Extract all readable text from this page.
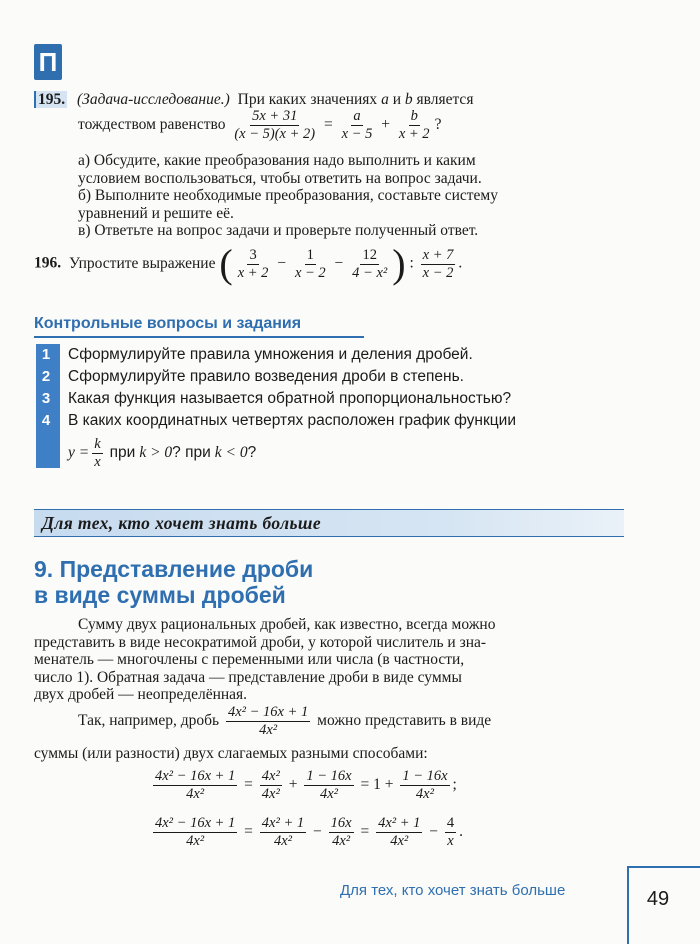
П
195. (Задача-исследование.) При каких значениях a и b является
тождеством равенство $\frac{5x + 31}{(x - 5)(x + 2)} = \frac{a}{x - 5} + \frac{b}{x + 2}$ ?
а) Обсудите, какие преобразования надо выполнить и каким
условием воспользоваться, чтобы ответить на вопрос задачи.
б) Выполните необходимые преобразования, составьте систему
уравнений и решите её.
в) Ответьте на вопрос задачи и проверьте полученный ответ.
196. Упростите выражение ( $\frac{3}{x + 2} - \frac{1}{x - 2} - \frac{12}{\text{4 − x²}}$ ) : $\frac{x + 7}{x - 2}$ .
Контрольные вопросы и задания
1 Сформулируйте правила умножения и деления дробей.
2 Сформулируйте правило возведения дроби в степень.
3 Какая функция называется обратной пропорциональностью?
4 В каких координатных четвертях расположен график функции
$y = \frac{k}{x}$ при k > 0? при k < 0?
Для тех, кто хочет знать больше
9. Представление дроби
в виде суммы дробей
Сумму двух рациональных дробей, как известно, всегда можно
представить в виде несократимой дроби, у которой числитель и зна-
менатель — многочлены с переменными или числа (в частности,
число 1). Обратная задача — представление дроби в виде суммы
двух дробей — неопределённая.
Так, например, дробь $\frac{\text{4x² − 16x + 1}}{\text{4x²}}$ можно представить в виде
суммы (или разности) двух слагаемых разными способами:
$\frac{\text{4x² − 16x + 1}}{\text{4x²}} = \frac{\text{4x²}}{\text{4x²}} + \frac{1 - 16x}{\text{4x²}} = 1 + \frac{1 - 16x}{\text{4x²}}$ ;
$\frac{\text{4x² − 16x + 1}}{\text{4x²}} = \frac{\text{4x² + 1}}{\text{4x²}} - \frac{16x}{\text{4x²}} = \frac{\text{4x² + 1}}{\text{4x²}} - \frac{4}{x}$ .
Для тех, кто хочет знать больше	49
